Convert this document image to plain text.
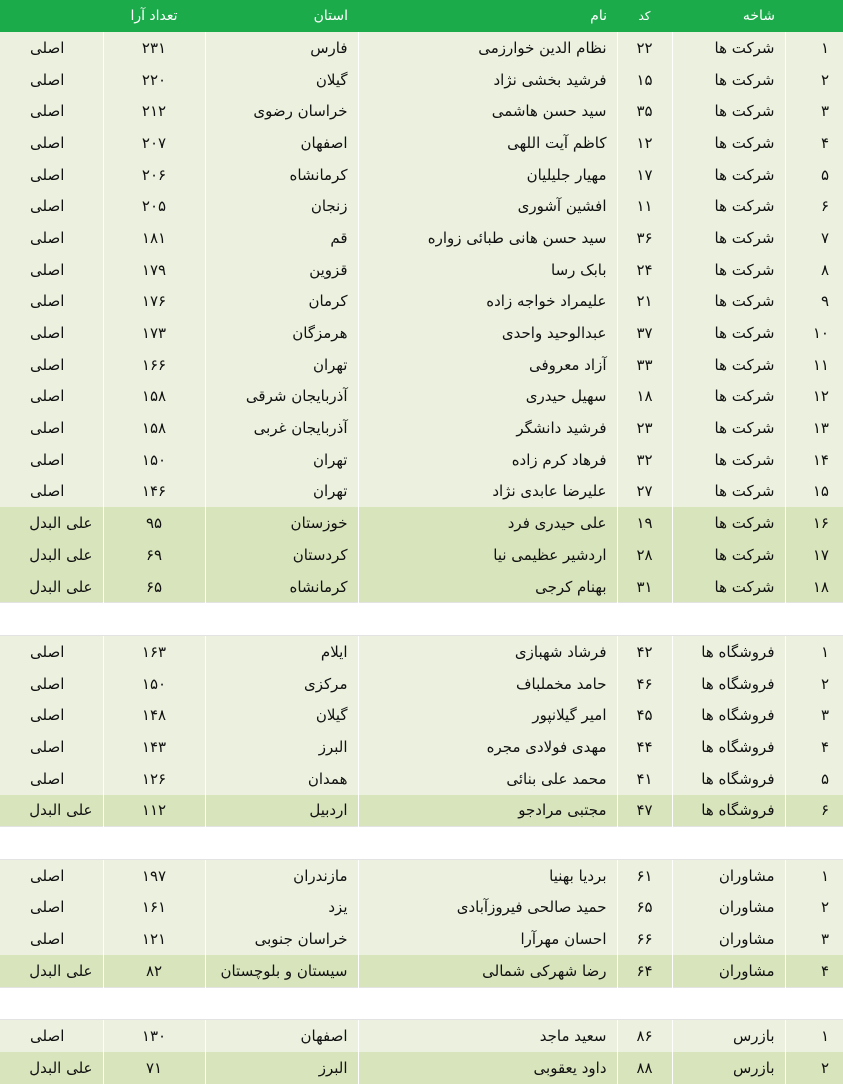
	شاخه	کد	نام	استان	تعداد آرا	
۱	شرکت ها	۲۲	نظام الدین خوارزمی	فارس	۲۳۱	اصلی
۲	شرکت ها	۱۵	فرشید بخشی نژاد	گیلان	۲۲۰	اصلی
۳	شرکت ها	۳۵	سید حسن هاشمی	خراسان رضوی	۲۱۲	اصلی
۴	شرکت ها	۱۲	کاظم آیت اللهی	اصفهان	۲۰۷	اصلی
۵	شرکت ها	۱۷	مهیار جلیلیان	کرمانشاه	۲۰۶	اصلی
۶	شرکت ها	۱۱	افشین آشوری	زنجان	۲۰۵	اصلی
۷	شرکت ها	۳۶	سید حسن هانی طبائی زواره	قم	۱۸۱	اصلی
۸	شرکت ها	۲۴	بابک رسا	قزوین	۱۷۹	اصلی
۹	شرکت ها	۲۱	علیمراد خواجه زاده	کرمان	۱۷۶	اصلی
۱۰	شرکت ها	۳۷	عبدالوحید واحدی	هرمزگان	۱۷۳	اصلی
۱۱	شرکت ها	۳۳	آزاد معروفی	تهران	۱۶۶	اصلی
۱۲	شرکت ها	۱۸	سهیل حیدری	آذربایجان شرقی	۱۵۸	اصلی
۱۳	شرکت ها	۲۳	فرشید دانشگر	آذربایجان غربی	۱۵۸	اصلی
۱۴	شرکت ها	۳۲	فرهاد کرم زاده	تهران	۱۵۰	اصلی
۱۵	شرکت ها	۲۷	علیرضا عابدی نژاد	تهران	۱۴۶	اصلی
۱۶	شرکت ها	۱۹	علی حیدری فرد	خوزستان	۹۵	علی البدل
۱۷	شرکت ها	۲۸	اردشیر عظیمی نیا	کردستان	۶۹	علی البدل
۱۸	شرکت ها	۳۱	بهنام کرجی	کرمانشاه	۶۵	علی البدل

۱	فروشگاه ها	۴۲	فرشاد شهبازی	ایلام	۱۶۳	اصلی
۲	فروشگاه ها	۴۶	حامد مخملباف	مرکزی	۱۵۰	اصلی
۳	فروشگاه ها	۴۵	امیر گیلانپور	گیلان	۱۴۸	اصلی
۴	فروشگاه ها	۴۴	مهدی فولادی مجره	البرز	۱۴۳	اصلی
۵	فروشگاه ها	۴۱	محمد علی بنائی	همدان	۱۲۶	اصلی
۶	فروشگاه ها	۴۷	مجتبی مرادجو	اردبیل	۱۱۲	علی البدل

۱	مشاوران	۶۱	بردیا بهنیا	مازندران	۱۹۷	اصلی
۲	مشاوران	۶۵	حمید صالحی فیروزآبادی	یزد	۱۶۱	اصلی
۳	مشاوران	۶۶	احسان مهرآرا	خراسان جنوبی	۱۲۱	اصلی
۴	مشاوران	۶۴	رضا شهرکی شمالی	سیستان و بلوچستان	۸۲	علی البدل

۱	بازرس	۸۶	سعید ماجد	اصفهان	۱۳۰	اصلی
۲	بازرس	۸۸	داود یعقوبی	البرز	۷۱	علی البدل
